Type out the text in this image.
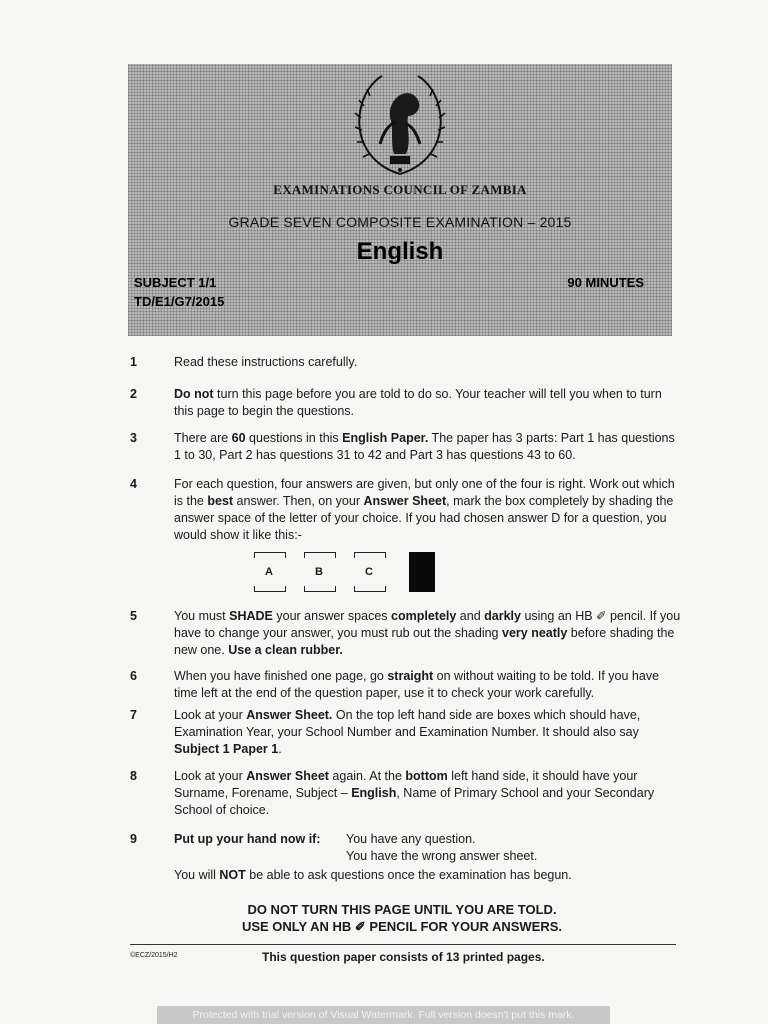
EXAMINATIONS COUNCIL OF ZAMBIA
GRADE SEVEN COMPOSITE EXAMINATION – 2015
English
SUBJECT 1/1	90 MINUTES
TD/E1/G7/2015
1	Read these instructions carefully.
2	Do not turn this page before you are told to do so. Your teacher will tell you when to turn this page to begin the questions.
3	There are 60 questions in this English Paper. The paper has 3 parts: Part 1 has questions 1 to 30, Part 2 has questions 31 to 42 and Part 3 has questions 43 to 60.
4	For each question, four answers are given, but only one of the four is right. Work out which is the best answer. Then, on your Answer Sheet, mark the box completely by shading the answer space of the letter of your choice. If you had chosen answer D for a question, you would show it like this:-
A	B	C
5	You must SHADE your answer spaces completely and darkly using an HB ✐ pencil. If you have to change your answer, you must rub out the shading very neatly before shading the new one. Use a clean rubber.
6	When you have finished one page, go straight on without waiting to be told. If you have time left at the end of the question paper, use it to check your work carefully.
7	Look at your Answer Sheet. On the top left hand side are boxes which should have, Examination Year, your School Number and Examination Number. It should also say Subject 1 Paper 1.
8	Look at your Answer Sheet again. At the bottom left hand side, it should have your Surname, Forename, Subject – English, Name of Primary School and your Secondary School of choice.
9	Put up your hand now if: You have any question.
You have the wrong answer sheet.
You will NOT be able to ask questions once the examination has begun.
DO NOT TURN THIS PAGE UNTIL YOU ARE TOLD.
USE ONLY AN HB ✐ PENCIL FOR YOUR ANSWERS.
©ECZ/2015/H2	This question paper consists of 13 printed pages.
Protected with trial version of Visual Watermark. Full version doesn't put this mark.
